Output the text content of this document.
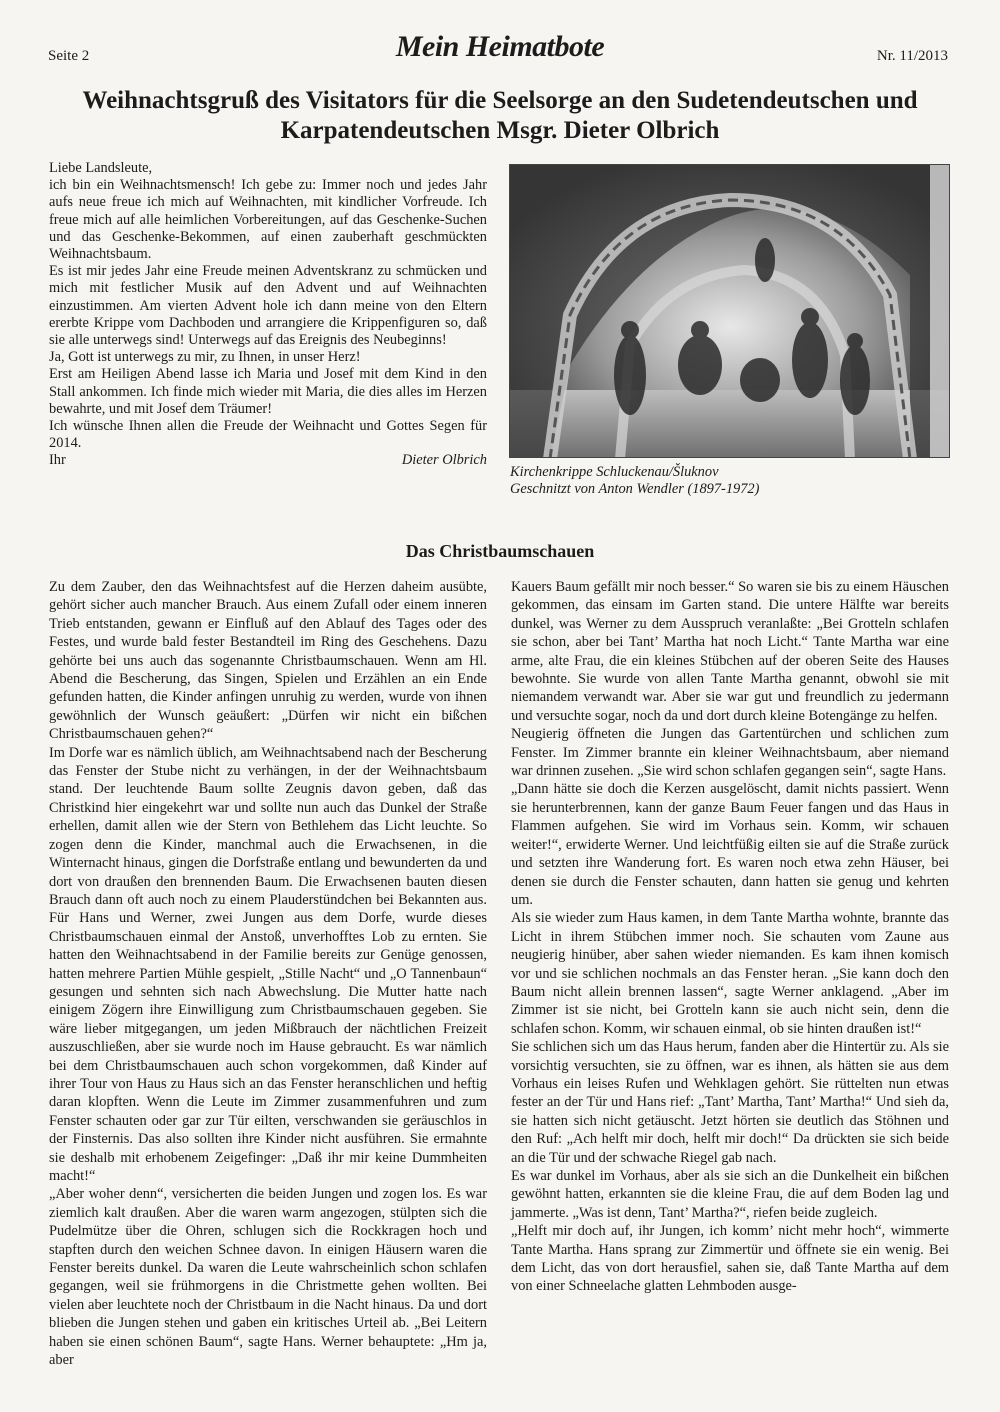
Seite 2	Mein Heimatbote	Nr. 11/2013
Weihnachtsgruß des Visitators für die Seelsorge an den Sudetendeutschen und Karpatendeutschen Msgr. Dieter Olbrich

Liebe Landsleute,

ich bin ein Weihnachtsmensch! Ich gebe zu: Immer noch und jedes Jahr aufs neue freue ich mich auf Weihnachten, mit kindlicher Vorfreude. Ich freue mich auf alle heimlichen Vorbereitungen, auf das Geschenke-Suchen und das Geschenke-Bekommen, auf einen zauberhaft geschmückten Weihnachtsbaum.

Es ist mir jedes Jahr eine Freude meinen Adventskranz zu schmücken und mich mit festlicher Musik auf den Advent und auf Weihnachten einzustimmen. Am vierten Advent hole ich dann meine von den Eltern ererbte Krippe vom Dachboden und arrangiere die Krippenfiguren so, daß sie alle unterwegs sind! Unterwegs auf das Ereignis des Neubeginns!

Ja, Gott ist unterwegs zu mir, zu Ihnen, in unser Herz!

Erst am Heiligen Abend lasse ich Maria und Josef mit dem Kind in den Stall ankommen. Ich finde mich wieder mit Maria, die dies alles im Herzen bewahrte, und mit Josef dem Träumer!

Ich wünsche Ihnen allen die Freude der Weihnacht und Gottes Segen für 2014.

Ihr	Dieter Olbrich
Kirchenkrippe Schluckenau/Šluknov
Geschnitzt von Anton Wendler (1897-1972)
Das Christbaumschauen

Zu dem Zauber, den das Weihnachtsfest auf die Herzen daheim ausübte, gehört sicher auch mancher Brauch. Aus einem Zufall oder einem inneren Trieb entstanden, gewann er Einfluß auf den Ablauf des Tages oder des Festes, und wurde bald fester Bestandteil im Ring des Geschehens. Dazu gehörte bei uns auch das sogenannte Christbaumschauen. Wenn am Hl. Abend die Bescherung, das Singen, Spielen und Erzählen an ein Ende gefunden hatten, die Kinder anfingen unruhig zu werden, wurde von ihnen gewöhnlich der Wunsch geäußert: „Dürfen wir nicht ein bißchen Christbaumschauen gehen?“

Im Dorfe war es nämlich üblich, am Weihnachtsabend nach der Bescherung das Fenster der Stube nicht zu verhängen, in der der Weihnachtsbaum stand. Der leuchtende Baum sollte Zeugnis davon geben, daß das Christkind hier eingekehrt war und sollte nun auch das Dunkel der Straße erhellen, damit allen wie der Stern von Bethlehem das Licht leuchte. So zogen denn die Kinder, manchmal auch die Erwachsenen, in die Winternacht hinaus, gingen die Dorfstraße entlang und bewunderten da und dort von draußen den brennenden Baum. Die Erwachsenen bauten diesen Brauch dann oft auch noch zu einem Plauderstündchen bei Bekannten aus. Für Hans und Werner, zwei Jungen aus dem Dorfe, wurde dieses Christbaumschauen einmal der Anstoß, unverhofftes Lob zu ernten. Sie hatten den Weihnachtsabend in der Familie bereits zur Genüge genossen, hatten mehrere Partien Mühle gespielt, „Stille Nacht“ und „O Tannenbaun“ gesungen und sehnten sich nach Abwechslung. Die Mutter hatte nach einigem Zögern ihre Einwilligung zum Christbaumschauen gegeben. Sie wäre lieber mitgegangen, um jeden Mißbrauch der nächtlichen Freizeit auszuschließen, aber sie wurde noch im Hause gebraucht. Es war nämlich bei dem Christbaumschauen auch schon vorgekommen, daß Kinder auf ihrer Tour von Haus zu Haus sich an das Fenster heranschlichen und heftig daran klopften. Wenn die Leute im Zimmer zusammenfuhren und zum Fenster schauten oder gar zur Tür eilten, verschwanden sie geräuschlos in der Finsternis. Das also sollten ihre Kinder nicht ausführen. Sie ermahnte sie deshalb mit erhobenem Zeigefinger: „Daß ihr mir keine Dummheiten macht!“

„Aber woher denn“, versicherten die beiden Jungen und zogen los. Es war ziemlich kalt draußen. Aber die waren warm angezogen, stülpten sich die Pudelmütze über die Ohren, schlugen sich die Rockkragen hoch und stapften durch den weichen Schnee davon. In einigen Häusern waren die Fenster bereits dunkel. Da waren die Leute wahrscheinlich schon schlafen gegangen, weil sie frühmorgens in die Christmette gehen wollten. Bei vielen aber leuchtete noch der Christbaum in die Nacht hinaus. Da und dort blieben die Jungen stehen und gaben ein kritisches Urteil ab. „Bei Leitern haben sie einen schönen Baum“, sagte Hans. Werner behauptete: „Hm ja, aber

Kauers Baum gefällt mir noch besser.“ So waren sie bis zu einem Häuschen gekommen, das einsam im Garten stand. Die untere Hälfte war bereits dunkel, was Werner zu dem Ausspruch veranlaßte: „Bei Grotteln schlafen sie schon, aber bei Tant’ Martha hat noch Licht.“ Tante Martha war eine arme, alte Frau, die ein kleines Stübchen auf der oberen Seite des Hauses bewohnte. Sie wurde von allen Tante Martha genannt, obwohl sie mit niemandem verwandt war. Aber sie war gut und freundlich zu jedermann und versuchte sogar, noch da und dort durch kleine Botengänge zu helfen.

Neugierig öffneten die Jungen das Gartentürchen und schlichen zum Fenster. Im Zimmer brannte ein kleiner Weihnachtsbaum, aber niemand war drinnen zusehen. „Sie wird schon schlafen gegangen sein“, sagte Hans.

„Dann hätte sie doch die Kerzen ausgelöscht, damit nichts passiert. Wenn sie herunterbrennen, kann der ganze Baum Feuer fangen und das Haus in Flammen aufgehen. Sie wird im Vorhaus sein. Komm, wir schauen weiter!“, erwiderte Werner. Und leichtfüßig eilten sie auf die Straße zurück und setzten ihre Wanderung fort. Es waren noch etwa zehn Häuser, bei denen sie durch die Fenster schauten, dann hatten sie genug und kehrten um.

Als sie wieder zum Haus kamen, in dem Tante Martha wohnte, brannte das Licht in ihrem Stübchen immer noch. Sie schauten vom Zaune aus neugierig hinüber, aber sahen wieder niemanden. Es kam ihnen komisch vor und sie schlichen nochmals an das Fenster heran. „Sie kann doch den Baum nicht allein brennen lassen“, sagte Werner anklagend. „Aber im Zimmer ist sie nicht, bei Grotteln kann sie auch nicht sein, denn die schlafen schon. Komm, wir schauen einmal, ob sie hinten draußen ist!“

Sie schlichen sich um das Haus herum, fanden aber die Hintertür zu. Als sie vorsichtig versuchten, sie zu öffnen, war es ihnen, als hätten sie aus dem Vorhaus ein leises Rufen und Wehklagen gehört. Sie rüttelten nun etwas fester an der Tür und Hans rief: „Tant’ Martha, Tant’ Martha!“ Und sieh da, sie hatten sich nicht getäuscht. Jetzt hörten sie deutlich das Stöhnen und den Ruf: „Ach helft mir doch, helft mir doch!“ Da drückten sie sich beide an die Tür und der schwache Riegel gab nach.

Es war dunkel im Vorhaus, aber als sie sich an die Dunkelheit ein bißchen gewöhnt hatten, erkannten sie die kleine Frau, die auf dem Boden lag und jammerte. „Was ist denn, Tant’ Martha?“, riefen beide zugleich.

„Helft mir doch auf, ihr Jungen, ich komm’ nicht mehr hoch“, wimmerte Tante Martha. Hans sprang zur Zimmertür und öffnete sie ein wenig. Bei dem Licht, das von dort herausfiel, sahen sie, daß Tante Martha auf dem von einer Schneelache glatten Lehmboden ausge-
